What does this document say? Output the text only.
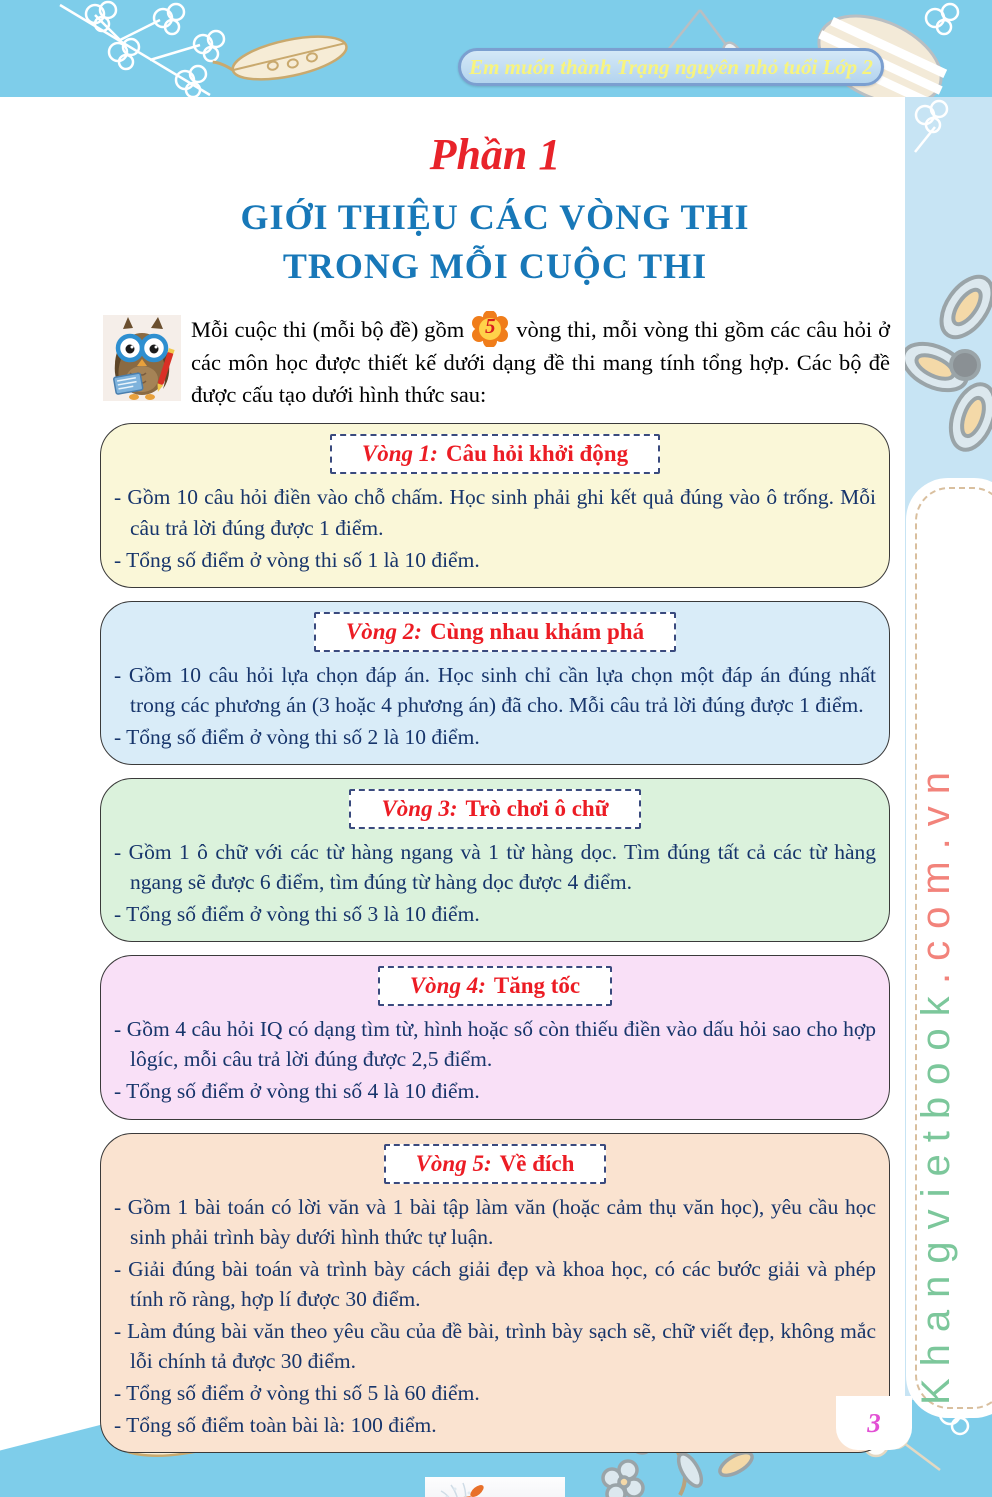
Em muốn thành Trạng nguyên nhỏ tuổi Lớp 2
Khangvietbook
.com.vn
3
Phần 1
GIỚI THIỆU CÁC VÒNG THI
TRONG MỖI CUỘC THI

Mỗi cuộc thi (mỗi bộ đề) gồm 5 vòng thi, mỗi vòng thi gồm các câu hỏi ở các môn học được thiết kế dưới dạng đề thi mang tính tổng hợp. Các bộ đề được cấu tạo dưới hình thức sau:

Vòng 1: Câu hỏi khởi động
- Gồm 10 câu hỏi điền vào chỗ chấm. Học sinh phải ghi kết quả đúng vào ô trống. Mỗi câu trả lời đúng được 1 điểm.
- Tổng số điểm ở vòng thi số 1 là 10 điểm.
Vòng 2: Cùng nhau khám phá
- Gồm 10 câu hỏi lựa chọn đáp án. Học sinh chỉ cần lựa chọn một đáp án đúng nhất trong các phương án (3 hoặc 4 phương án) đã cho. Mỗi câu trả lời đúng được 1 điểm.
- Tổng số điểm ở vòng thi số 2 là 10 điểm.
Vòng 3: Trò chơi ô chữ
- Gồm 1 ô chữ với các từ hàng ngang và 1 từ hàng dọc. Tìm đúng tất cả các từ hàng ngang sẽ được 6 điểm, tìm đúng từ hàng dọc được 4 điểm.
- Tổng số điểm ở vòng thi số 3 là 10 điểm.
Vòng 4: Tăng tốc
- Gồm 4 câu hỏi IQ có dạng tìm từ, hình hoặc số còn thiếu điền vào dấu hỏi sao cho hợp lôgíc, mỗi câu trả lời đúng được 2,5 điểm.
- Tổng số điểm ở vòng thi số 4 là 10 điểm.
Vòng 5: Về đích
- Gồm 1 bài toán có lời văn và 1 bài tập làm văn (hoặc cảm thụ văn học), yêu cầu học sinh phải trình bày dưới hình thức tự luận.
- Giải đúng bài toán và trình bày cách giải đẹp và khoa học, có các bước giải và phép tính rõ ràng, hợp lí được 30 điểm.
- Làm đúng bài văn theo yêu cầu của đề bài, trình bày sạch sẽ, chữ viết đẹp, không mắc lỗi chính tả được 30 điểm.
- Tổng số điểm ở vòng thi số 5 là 60 điểm.
- Tổng số điểm toàn bài là: 100 điểm.
